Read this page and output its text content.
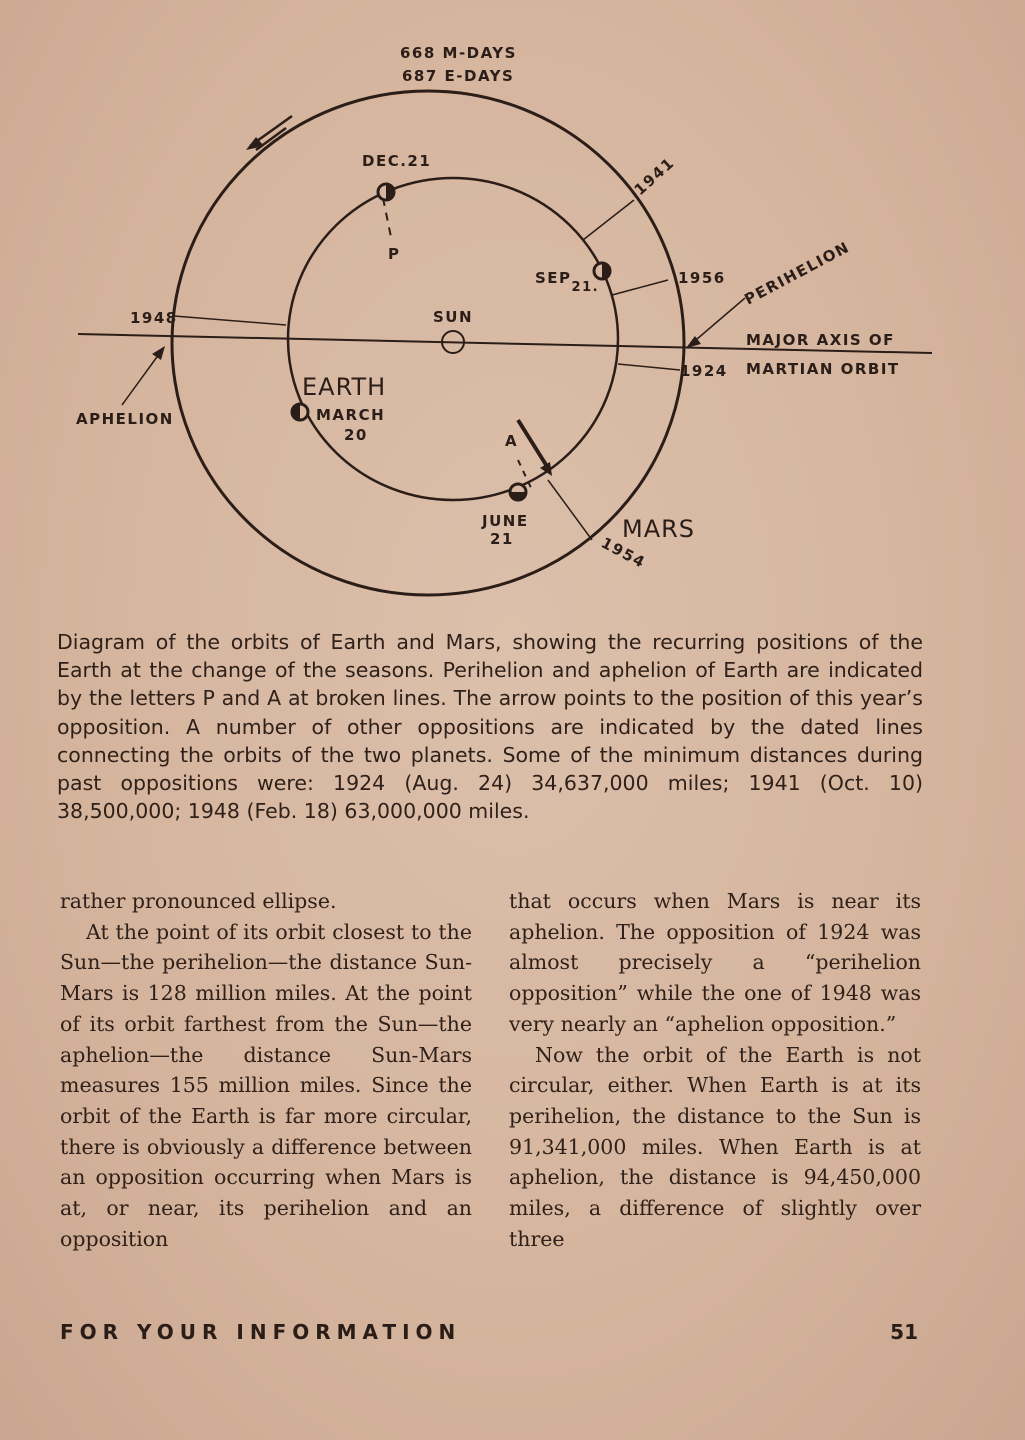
668 M-DAYS
687 E-DAYS
DEC.21
P
SEP21.
SUN
EARTH
MARCH
20	A
JUNE
21	MARS
1954
1948
1941
1956
1924
PERIHELION
MAJOR AXIS OF
MARTIAN ORBIT
APHELION

Diagram of the orbits of Earth and Mars, showing the recurring positions of the Earth at the change of the seasons. Perihelion and aphelion of Earth are indicated by the letters P and A at broken lines. The arrow points to the position of this year’s opposition. A number of other oppositions are indicated by the dated lines connecting the orbits of the two planets. Some of the minimum distances during past oppositions were: 1924 (Aug. 24) 34,637,000 miles; 1941 (Oct. 10) 38,500,000; 1948 (Feb. 18) 63,000,000 miles.

rather pronounced ellipse.

At the point of its orbit closest to the Sun—the perihelion—the distance Sun-Mars is 128 million miles. At the point of its orbit farthest from the Sun—the aphelion—the distance Sun-Mars measures 155 million miles. Since the orbit of the Earth is far more circular, there is obviously a difference between an opposition occurring when Mars is at, or near, its perihelion and an opposition

that occurs when Mars is near its aphelion. The opposition of 1924 was almost precisely a “perihelion opposition” while the one of 1948 was very nearly an “aphelion opposition.”

Now the orbit of the Earth is not circular, either. When Earth is at its perihelion, the distance to the Sun is 91,341,000 miles. When Earth is at aphelion, the distance is 94,450,000 miles, a difference of slightly over three

FOR YOUR INFORMATION	51
